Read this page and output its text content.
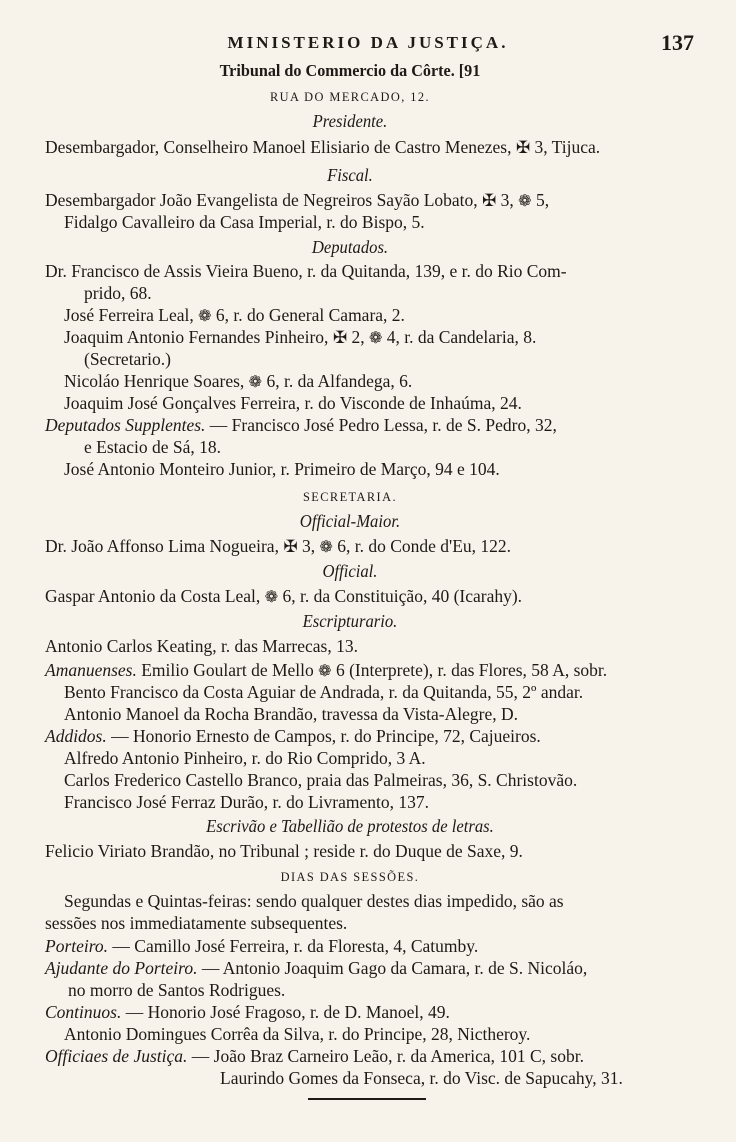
MINISTERIO DA JUSTIÇA.	137
Tribunal do Commercio da Côrte. [91
RUA DO MERCADO, 12.
Presidente.
Desembargador, Conselheiro Manoel Elisiario de Castro Menezes, ✠ 3, Tijuca.
Fiscal.
Desembargador João Evangelista de Negreiros Sayão Lobato, ✠ 3, ❁ 5,
Fidalgo Cavalleiro da Casa Imperial, r. do Bispo, 5.
Deputados.
Dr. Francisco de Assis Vieira Bueno, r. da Quitanda, 139, e r. do Rio Com-
prido, 68.
José Ferreira Leal, ❁ 6, r. do General Camara, 2.
Joaquim Antonio Fernandes Pinheiro, ✠ 2, ❁ 4, r. da Candelaria, 8.
(Secretario.)
Nicoláo Henrique Soares, ❁ 6, r. da Alfandega, 6.
Joaquim José Gonçalves Ferreira, r. do Visconde de Inhaúma, 24.
Deputados Supplentes. — Francisco José Pedro Lessa, r. de S. Pedro, 32,
e Estacio de Sá, 18.
José Antonio Monteiro Junior, r. Primeiro de Março, 94 e 104.
SECRETARIA.
Official-Maior.
Dr. João Affonso Lima Nogueira, ✠ 3, ❁ 6, r. do Conde d'Eu, 122.
Official.
Gaspar Antonio da Costa Leal, ❁ 6, r. da Constituição, 40 (Icarahy).
Escripturario.
Antonio Carlos Keating, r. das Marrecas, 13.
Amanuenses. Emilio Goulart de Mello ❁ 6 (Interprete), r. das Flores, 58 A, sobr.
Bento Francisco da Costa Aguiar de Andrada, r. da Quitanda, 55, 2º andar.
Antonio Manoel da Rocha Brandão, travessa da Vista-Alegre, D.
Addidos. — Honorio Ernesto de Campos, r. do Principe, 72, Cajueiros.
Alfredo Antonio Pinheiro, r. do Rio Comprido, 3 A.
Carlos Frederico Castello Branco, praia das Palmeiras, 36, S. Christovão.
Francisco José Ferraz Durão, r. do Livramento, 137.
Escrivão e Tabellião de protestos de letras.
Felicio Viriato Brandão, no Tribunal ; reside r. do Duque de Saxe, 9.
DIAS DAS SESSÕES.
Segundas e Quintas-feiras: sendo qualquer destes dias impedido, são as
sessões nos immediatamente subsequentes.
Porteiro. — Camillo José Ferreira, r. da Floresta, 4, Catumby.
Ajudante do Porteiro. — Antonio Joaquim Gago da Camara, r. de S. Nicoláo,
no morro de Santos Rodrigues.
Continuos. — Honorio José Fragoso, r. de D. Manoel, 49.
Antonio Domingues Corrêa da Silva, r. do Principe, 28, Nictheroy.
Officiaes de Justiça. — João Braz Carneiro Leão, r. da America, 101 C, sobr.
Laurindo Gomes da Fonseca, r. do Visc. de Sapucahy, 31.
